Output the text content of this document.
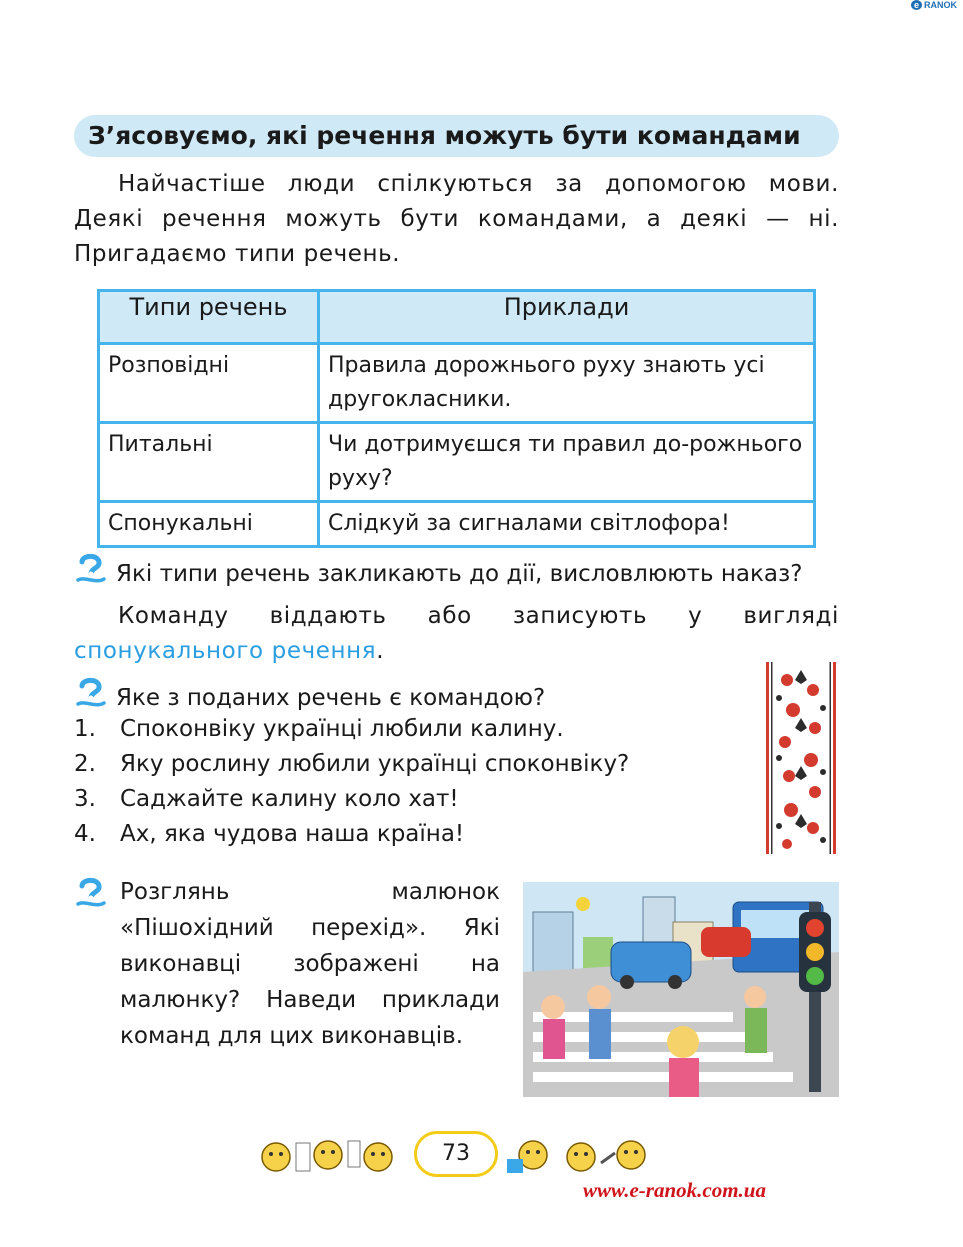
e RANOK
З’ясовуємо, які речення можуть бути командами
Найчастіше люди спілкуються за допомогою мови. Деякі речення можуть бути командами, а деякі — ні. Пригадаємо типи речень.
Типи речень	Приклади
Розповідні	Правила дорожнього руху знають усі другокласники.
Питальні	Чи дотримуєшся ти правил до-рожнього руху?
Спонукальні	Слідкуй за сигналами світлофора!
Які типи речень закликають до дії, висловлюють наказ?
Команду віддають або записують у вигляді спонукального речення.
Яке з поданих речень є командою?
1. Споконвіку українці любили калину.
2. Яку рослину любили українці споконвіку?
3. Саджайте калину коло хат!
4. Ах, яка чудова наша країна!
Розглянь малюнок «Пішохідний перехід». Які виконавці зображені на малюнку? Наведи приклади команд для цих виконавців.
73
www.e-ranok.com.ua
